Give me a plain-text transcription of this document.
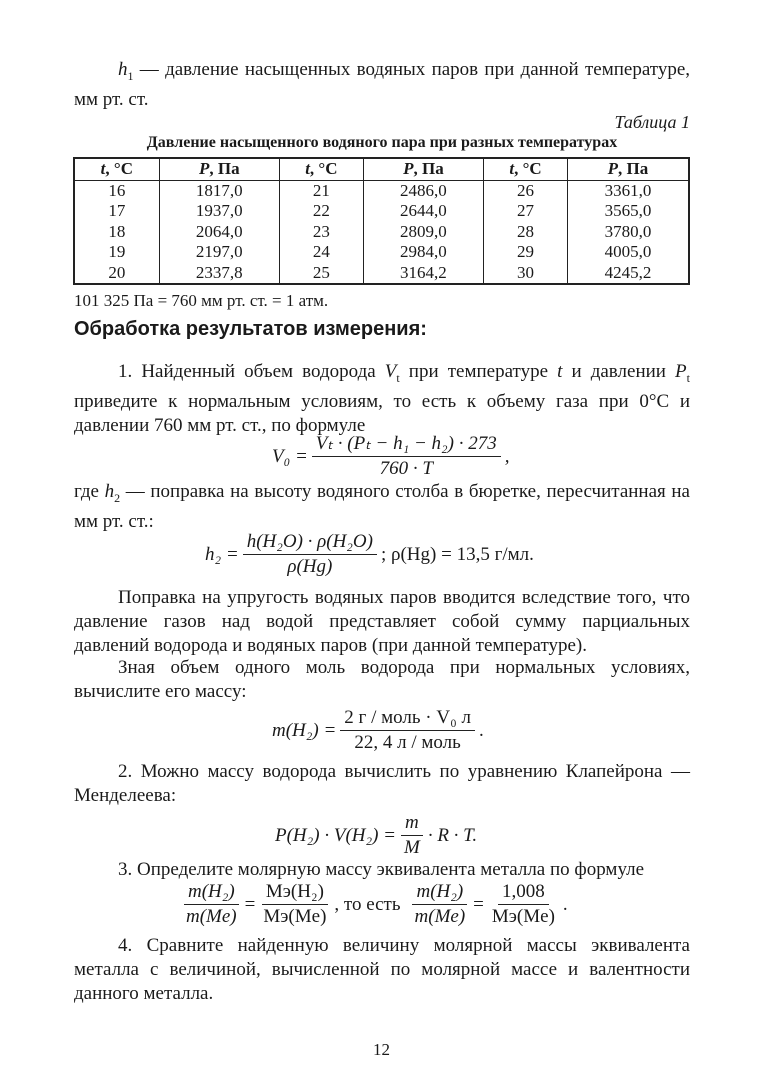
$h_1$ — давление насыщенных водяных паров при данной температуре, мм рт. ст.
Таблица 1
Давление насыщенного водяного пара при разных температурах
t, °С	P, Па	t, °С	P, Па	t, °С	P, Па
16	1817,0	21	2486,0	26	3361,0
17	1937,0	22	2644,0	27	3565,0
18	2064,0	23	2809,0	28	3780,0
19	2197,0	24	2984,0	29	4005,0
20	2337,8	25	3164,2	30	4245,2
101 325 Па = 760 мм рт. ст. = 1 атм.
Обработка результатов измерения:
1. Найденный объем водорода $V_t$ при температуре t и давлении $P_t$ приведите к нормальным условиям, то есть к объему газа при 0°С и давлении 760 мм рт. ст., по формуле
$V_0 = \frac{\text{Vₜ · (Pₜ − h₁ − h₂) · 273}}{760 \cdot T}$ ,
где $h_2$ — поправка на высоту водяного столба в бюретке, пересчитанная на мм рт. ст.:
$h_2 = \frac{\text{h(H₂O) · ρ(H₂O)}}{\rho(Hg)}$ ; ρ(Hg) = 13,5 г/мл.
Поправка на упругость водяных паров вводится вследствие того, что давление газов над водой представляет собой сумму парциальных давлений водорода и водяных паров (при данной температуре).
Зная объем одного моль водорода при нормальных условиях, вычислите его массу:
$m(H_2) = \frac{\text{2 г / моль · V₀ л}}{\text{22, 4 л / моль}}$ .
2. Можно массу водорода вычислить по уравнению Клапейрона — Менделеева:
$P(H_2) \cdot V(H_2) = \frac{m}{M} \cdot R \cdot T$.
3. Определите молярную массу эквивалента металла по формуле
$\frac{\text{m(H₂)}}{m(Me)} = \frac{\text{Mэ(H₂)}}{Mэ(Me)}$ , то есть $\frac{\text{m(H₂)}}{m(Me)} = \frac{1,008}{Mэ(Me)}$ .
4. Сравните найденную величину молярной массы эквивалента металла с величиной, вычисленной по молярной массе и валентности данного металла.
12
